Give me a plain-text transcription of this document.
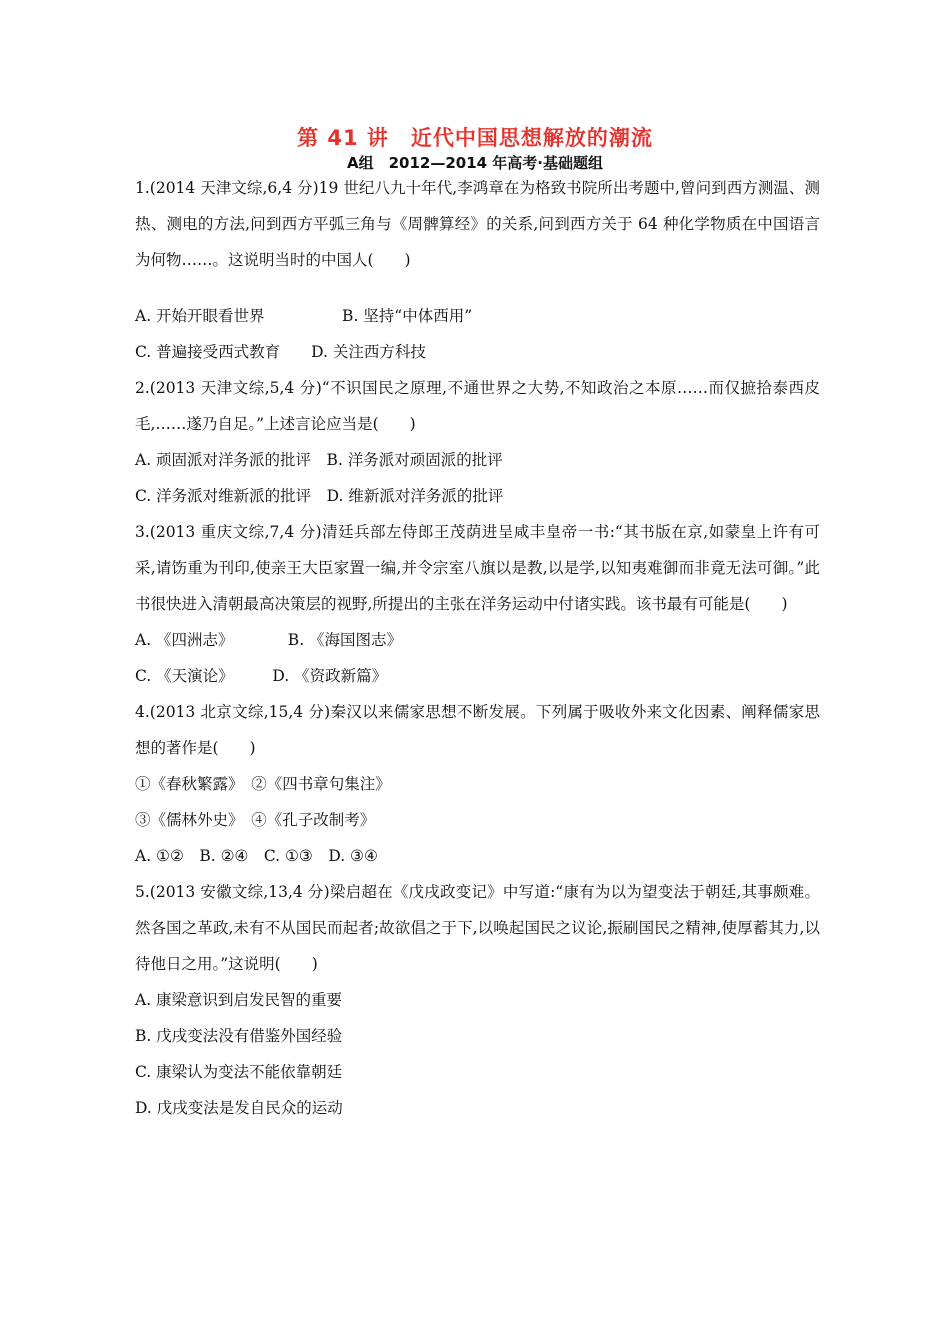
第 41 讲　近代中国思想解放的潮流
A组　2012—2014 年高考·基础题组

1.(2014 天津文综,6,4 分)19 世纪八九十年代,李鸿章在为格致书院所出考题中,曾问到西方测温、测热、测电的方法,问到西方平弧三角与《周髀算经》的关系,问到西方关于 64 种化学物质在中国语言为何物……。这说明当时的中国人(　　)

A. 开始开眼看世界　　　　　B. 坚持“中体西用”

C. 普遍接受西式教育　　D. 关注西方科技

2.(2013 天津文综,5,4 分)“不识国民之原理,不通世界之大势,不知政治之本原……而仅摭拾泰西皮毛,……遂乃自足。”上述言论应当是(　　)

A. 顽固派对洋务派的批评　B. 洋务派对顽固派的批评

C. 洋务派对维新派的批评　D. 维新派对洋务派的批评

3.(2013 重庆文综,7,4 分)清廷兵部左侍郎王茂荫进呈咸丰皇帝一书:“其书版在京,如蒙皇上许有可采,请饬重为刊印,使亲王大臣家置一编,并令宗室八旗以是教,以是学,以知夷难御而非竟无法可御。”此书很快进入清朝最高决策层的视野,所提出的主张在洋务运动中付诸实践。该书最有可能是(　　)

A. 《四洲志》　　　　B. 《海国图志》

C. 《天演论》　　　D. 《资政新篇》

4.(2013 北京文综,15,4 分)秦汉以来儒家思想不断发展。下列属于吸收外来文化因素、阐释儒家思想的著作是(　　)

①《春秋繁露》　②《四书章句集注》

③《儒林外史》　④《孔子改制考》

A. ①②　B. ②④　C. ①③　D. ③④

5.(2013 安徽文综,13,4 分)梁启超在《戊戌政变记》中写道:“康有为以为望变法于朝廷,其事颇难。然各国之革政,未有不从国民而起者;故欲倡之于下,以唤起国民之议论,振刷国民之精神,使厚蓄其力,以待他日之用。”这说明(　　)

A. 康梁意识到启发民智的重要

B. 戊戌变法没有借鉴外国经验

C. 康梁认为变法不能依靠朝廷

D. 戊戌变法是发自民众的运动
